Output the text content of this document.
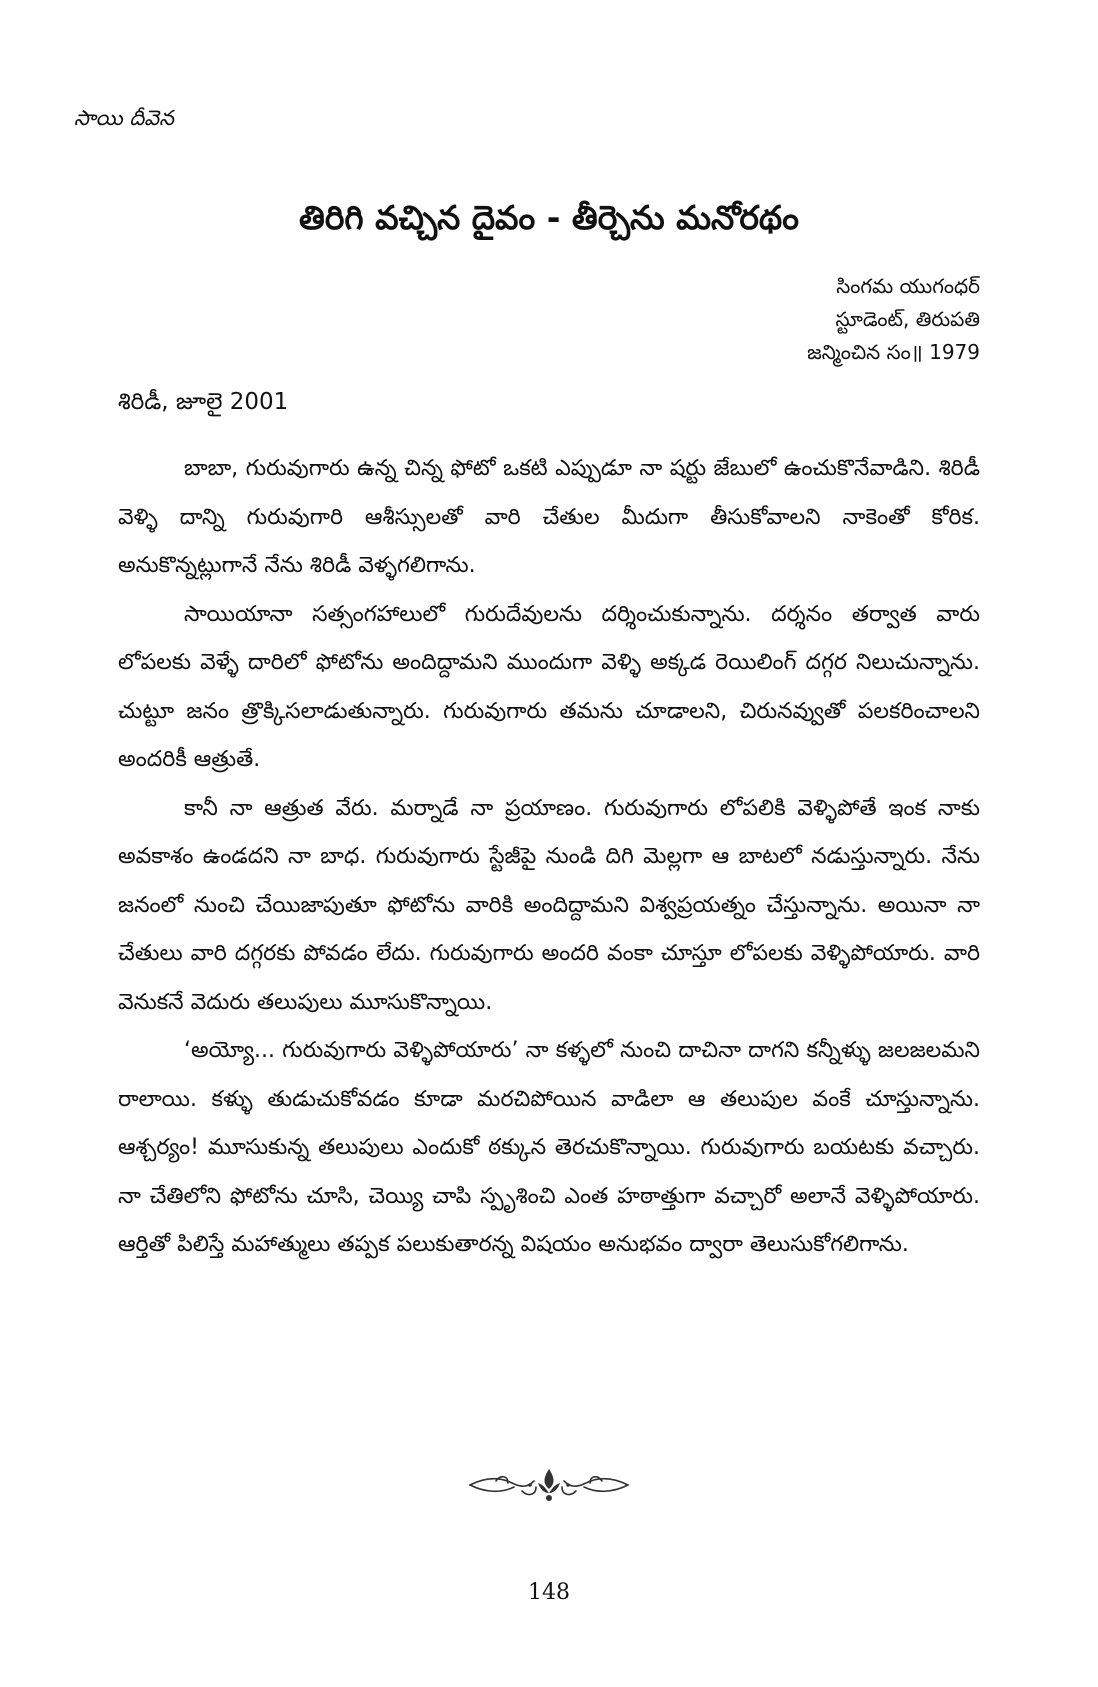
సాయి దీవెన
తిరిగి వచ్చిన దైవం - తీర్చెను మనోరథం
సింగమ యుగంధర్
స్టూడెంట్, తిరుపతి
జన్మించిన సం॥ 1979
శిరిడీ, జూలై 2001

బాబా, గురువుగారు ఉన్న చిన్న ఫోటో ఒకటి ఎప్పుడూ నా షర్టు జేబులో ఉంచుకొనేవాడిని. శిరిడీ వెళ్ళి దాన్ని గురువుగారి ఆశీస్సులతో వారి చేతుల మీదుగా తీసుకోవాలని నాకెంతో కోరిక. అనుకొన్నట్లుగానే నేను శిరిడీ వెళ్ళగలిగాను.

సాయియానా సత్సంగహాలులో గురుదేవులను దర్శించుకున్నాను. దర్శనం తర్వాత వారు లోపలకు వెళ్ళే దారిలో ఫోటోను అందిద్దామని ముందుగా వెళ్ళి అక్కడ రెయిలింగ్ దగ్గర నిలుచున్నాను. చుట్టూ జనం త్రొక్కిసలాడుతున్నారు. గురువుగారు తమను చూడాలని, చిరునవ్వుతో పలకరించాలని అందరికీ ఆత్రుతే.

కానీ నా ఆత్రుత వేరు. మర్నాడే నా ప్రయాణం. గురువుగారు లోపలికి వెళ్ళిపోతే ఇంక నాకు అవకాశం ఉండదని నా బాధ. గురువుగారు స్టేజీపై నుండి దిగి మెల్లగా ఆ బాటలో నడుస్తున్నారు. నేను జనంలో నుంచి చేయిజాపుతూ ఫోటోను వారికి అందిద్దామని విశ్వప్రయత్నం చేస్తున్నాను. అయినా నా చేతులు వారి దగ్గరకు పోవడం లేదు. గురువుగారు అందరి వంకా చూస్తూ లోపలకు వెళ్ళిపోయారు. వారి వెనుకనే వెదురు తలుపులు మూసుకొన్నాయి.

‘అయ్యో... గురువుగారు వెళ్ళిపోయారు’ నా కళ్ళలో నుంచి దాచినా దాగని కన్నీళ్ళు జలజలమని రాలాయి. కళ్ళు తుడుచుకోవడం కూడా మరచిపోయిన వాడిలా ఆ తలుపుల వంకే చూస్తున్నాను. ఆశ్చర్యం! మూసుకున్న తలుపులు ఎందుకో ఠక్కున తెరచుకొన్నాయి. గురువుగారు బయటకు వచ్చారు. నా చేతిలోని ఫోటోను చూసి, చెయ్యి చాపి స్పృశించి ఎంత హఠాత్తుగా వచ్చారో అలానే వెళ్ళిపోయారు. ఆర్తితో పిలిస్తే మహాత్ములు తప్పక పలుకుతారన్న విషయం అనుభవం ద్వారా తెలుసుకోగలిగాను.

148
